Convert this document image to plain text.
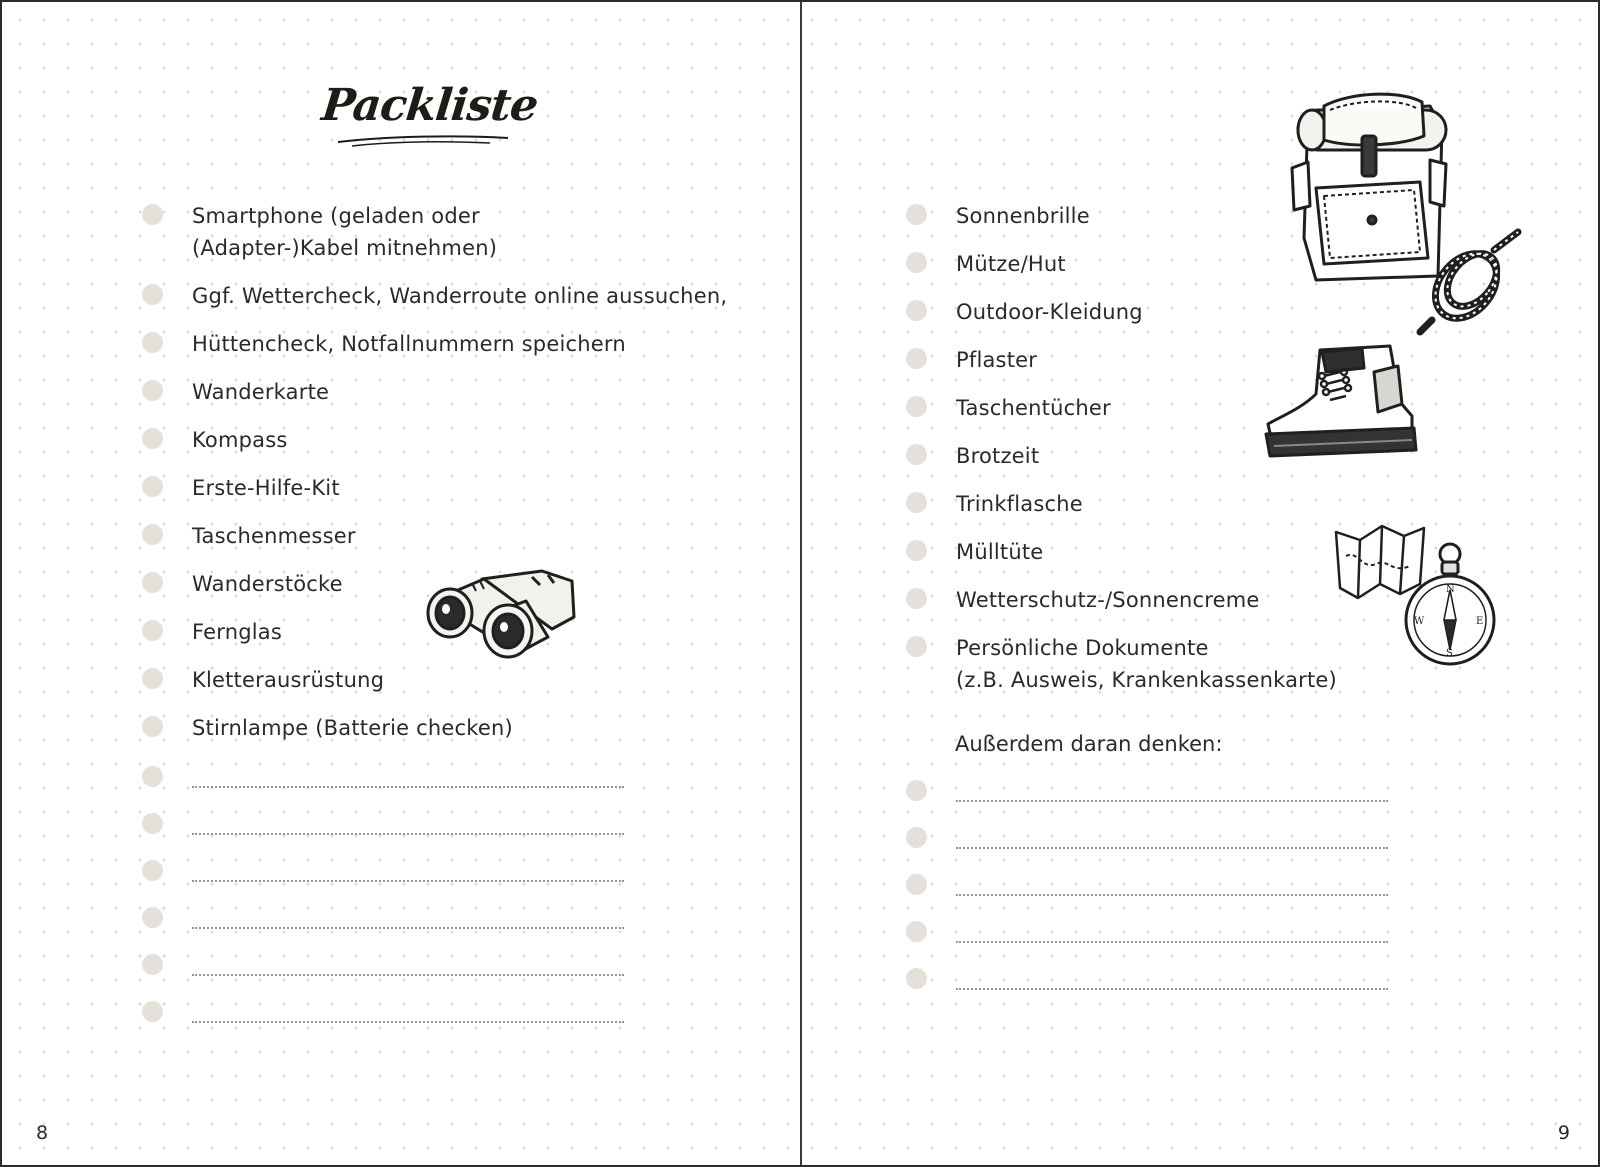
Packliste
Smartphone (geladen oder
(Adapter-)Kabel mitnehmen)
Ggf. Wettercheck, Wanderroute online aussuchen,
Hüttencheck, Notfallnummern speichern
Wanderkarte
Kompass
Erste-Hilfe-Kit
Taschenmesser
Wanderstöcke
Fernglas
Kletterausrüstung
Stirnlampe (Batterie checken)
8
Sonnenbrille
Mütze/Hut
Outdoor-Kleidung
Pflaster
Taschentücher
Brotzeit
Trinkflasche
Mülltüte
Wetterschutz-/Sonnencreme
Persönliche Dokumente
(z.B. Ausweis, Krankenkassenkarte)
Außerdem daran denken:
N
S
E
W
9
